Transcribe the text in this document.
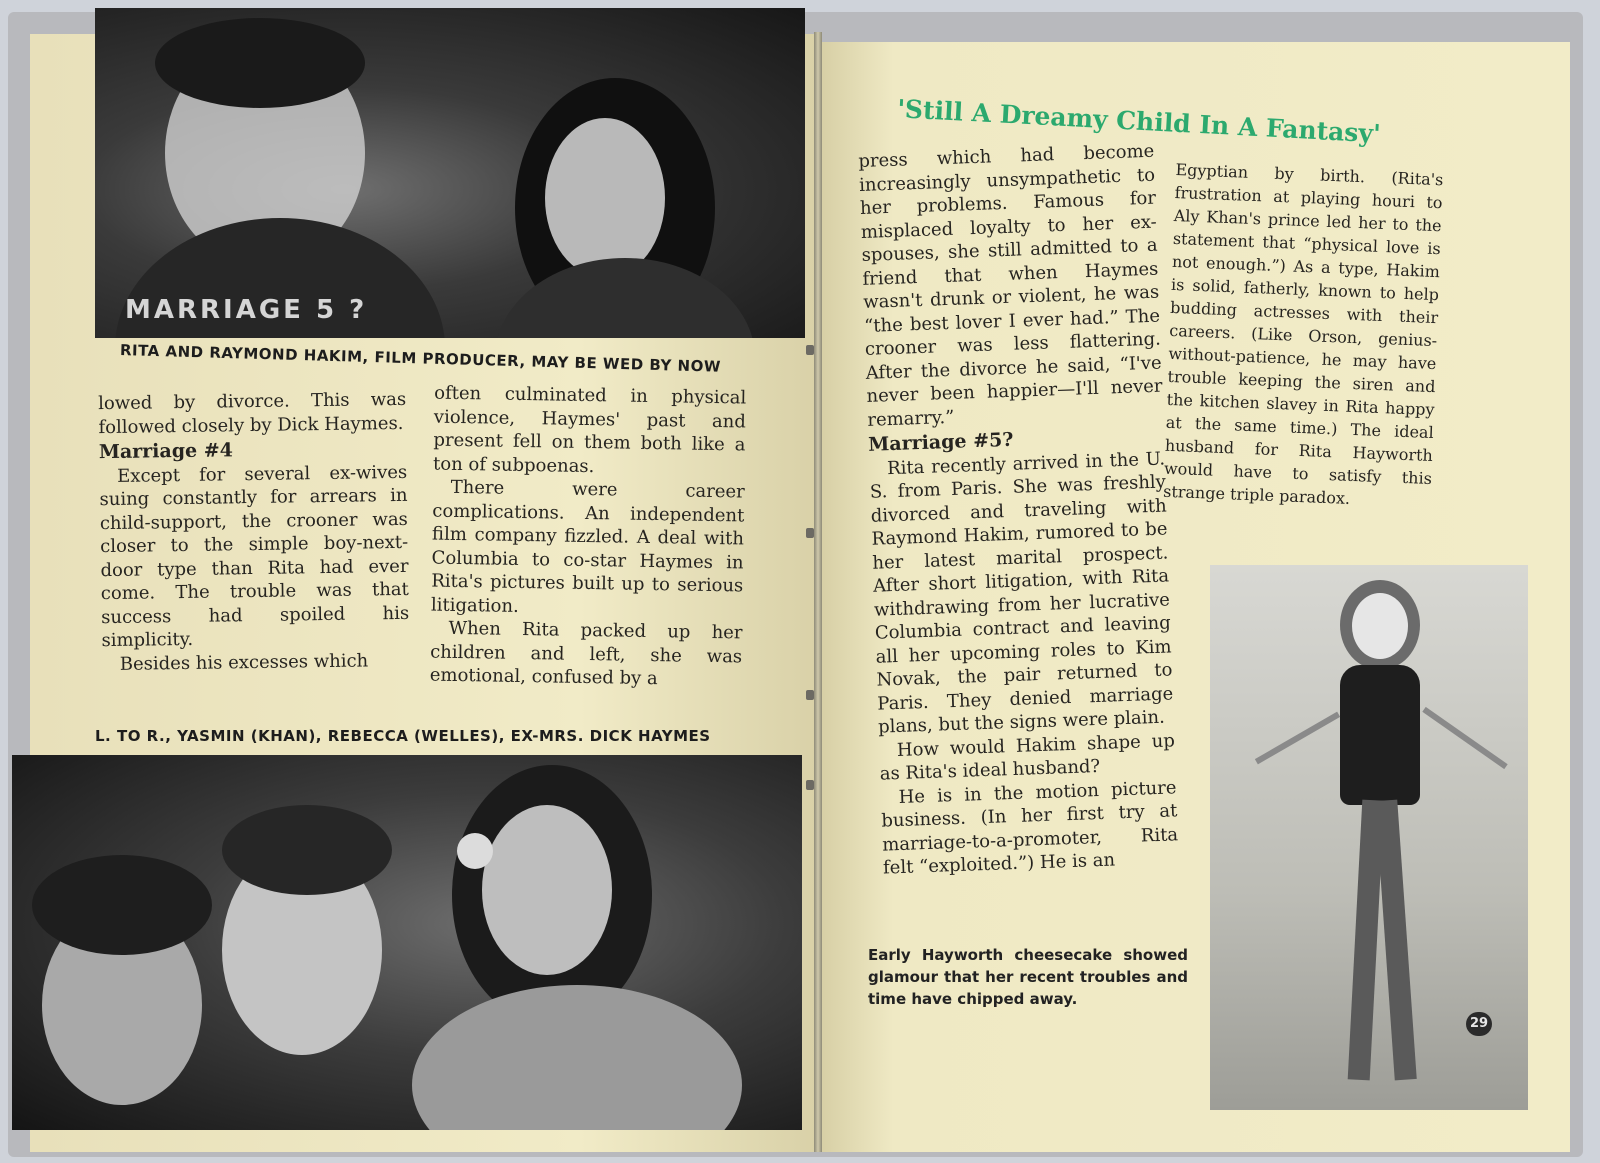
MARRIAGE 5 ?
RITA AND RAYMOND HAKIM, FILM PRODUCER, MAY BE WED BY NOW

lowed by divorce. This was followed closely by Dick Haymes.

Marriage #4

Except for several ex-wives suing constantly for arrears in child-support, the crooner was closer to the simple boy-next-door type than Rita had ever come. The trouble was that success had spoiled his simplicity.

Besides his excesses which

often culminated in physical violence, Haymes' past and present fell on them both like a ton of subpoenas.

There were career complications. An independent film company fizzled. A deal with Columbia to co-star Haymes in Rita's pictures built up to serious litigation.

When Rita packed up her children and left, she was emotional, confused by a

L. TO R., YASMIN (KHAN), REBECCA (WELLES), EX-MRS. DICK HAYMES
'Still A Dreamy Child In A Fantasy'

press which had become increasingly unsympathetic to her problems. Famous for misplaced loyalty to her ex-spouses, she still admitted to a friend that when Haymes wasn't drunk or violent, he was “the best lover I ever had.” The crooner was less flattering. After the divorce he said, “I've never been happier—I'll never remarry.”

Marriage #5?

Rita recently arrived in the U. S. from Paris. She was freshly divorced and traveling with Raymond Hakim, rumored to be her latest marital prospect. After short litigation, with Rita withdrawing from her lucrative Columbia contract and leaving all her upcoming roles to Kim Novak, the pair returned to Paris. They denied marriage plans, but the signs were plain.

How would Hakim shape up as Rita's ideal husband?

He is in the motion picture business. (In her first try at marriage-to-a-promoter, Rita felt “exploited.”) He is an

Egyptian by birth. (Rita's frustration at playing houri to Aly Khan's prince led her to the statement that “physical love is not enough.”) As a type, Hakim is solid, fatherly, known to help budding actresses with their careers. (Like Orson, genius-without-patience, he may have trouble keeping the siren and the kitchen slavey in Rita happy at the same time.) The ideal husband for Rita Hayworth would have to satisfy this strange triple paradox.

Early Hayworth cheesecake showed glamour that her recent troubles and time have chipped away.
29
